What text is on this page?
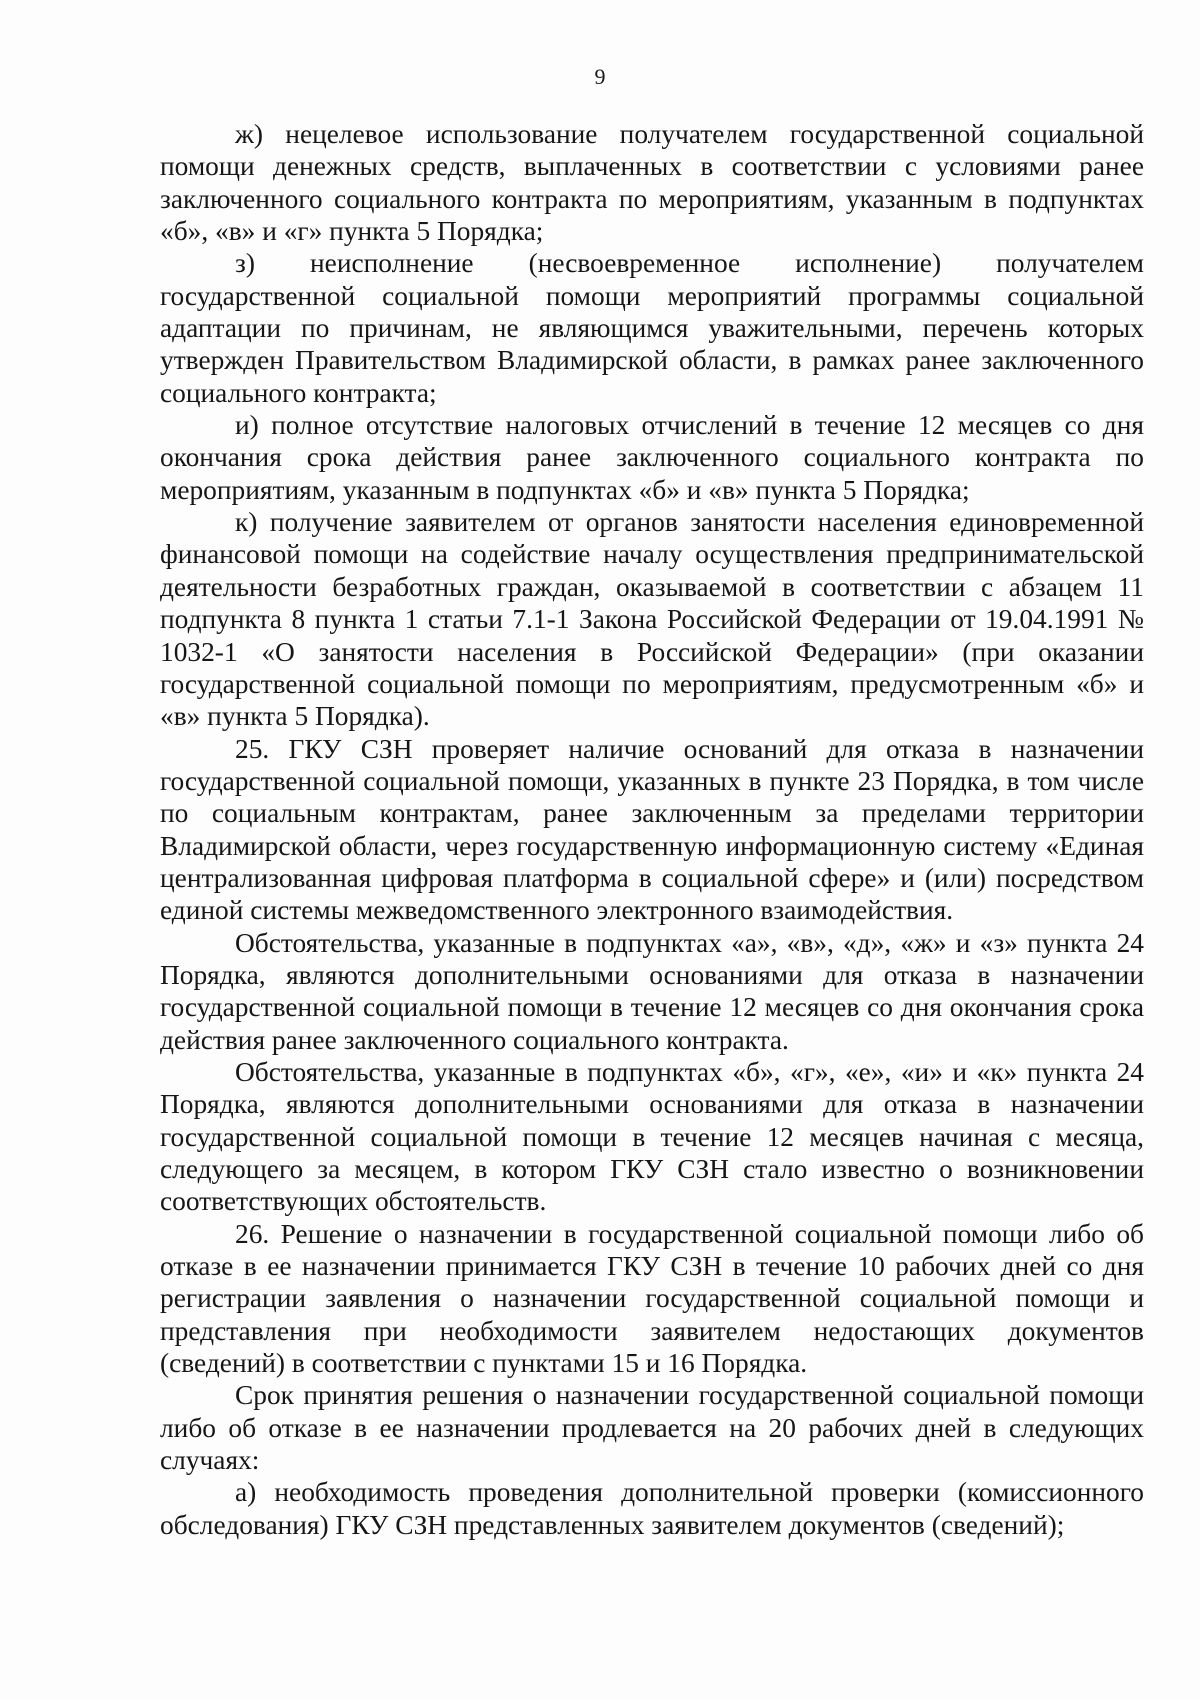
9

ж) нецелевое использование получателем государственной социальной помощи денежных средств, выплаченных в соответствии с условиями ранее заключенного социального контракта по мероприятиям, указанным в подпунктах «б», «в» и «г» пункта 5 Порядка;

з) неисполнение (несвоевременное исполнение) получателем государственной социальной помощи мероприятий программы социальной адаптации по причинам, не являющимся уважительными, перечень которых утвержден Правительством Владимирской области, в рамках ранее заключенного социального контракта;

и) полное отсутствие налоговых отчислений в течение 12 месяцев со дня окончания срока действия ранее заключенного социального контракта по мероприятиям, указанным в подпунктах «б» и «в» пункта 5 Порядка;

к) получение заявителем от органов занятости населения единовременной финансовой помощи на содействие началу осуществления предпринимательской деятельности безработных граждан, оказываемой в соответствии с абзацем 11 подпункта 8 пункта 1 статьи 7.1-1 Закона Российской Федерации от 19.04.1991 № 1032-1 «О занятости населения в Российской Федерации» (при оказании государственной социальной помощи по мероприятиям, предусмотренным «б» и «в» пункта 5 Порядка).

25. ГКУ СЗН проверяет наличие оснований для отказа в назначении государственной социальной помощи, указанных в пункте 23 Порядка, в том числе по социальным контрактам, ранее заключенным за пределами территории Владимирской области, через государственную информационную систему «Единая централизованная цифровая платформа в социальной сфере» и (или) посредством единой системы межведомственного электронного взаимодействия.

Обстоятельства, указанные в подпунктах «а», «в», «д», «ж» и «з» пункта 24 Порядка, являются дополнительными основаниями для отказа в назначении государственной социальной помощи в течение 12 месяцев со дня окончания срока действия ранее заключенного социального контракта.

Обстоятельства, указанные в подпунктах «б», «г», «е», «и» и «к» пункта 24 Порядка, являются дополнительными основаниями для отказа в назначении государственной социальной помощи в течение 12 месяцев начиная с месяца, следующего за месяцем, в котором ГКУ СЗН стало известно о возникновении соответствующих обстоятельств.

26. Решение о назначении в государственной социальной помощи либо об отказе в ее назначении принимается ГКУ СЗН в течение 10 рабочих дней со дня регистрации заявления о назначении государственной социальной помощи и представления при необходимости заявителем недостающих документов (сведений) в соответствии с пунктами 15 и 16 Порядка.

Срок принятия решения о назначении государственной социальной помощи либо об отказе в ее назначении продлевается на 20 рабочих дней в следующих случаях:

а) необходимость проведения дополнительной проверки (комиссионного обследования) ГКУ СЗН представленных заявителем документов (сведений);
